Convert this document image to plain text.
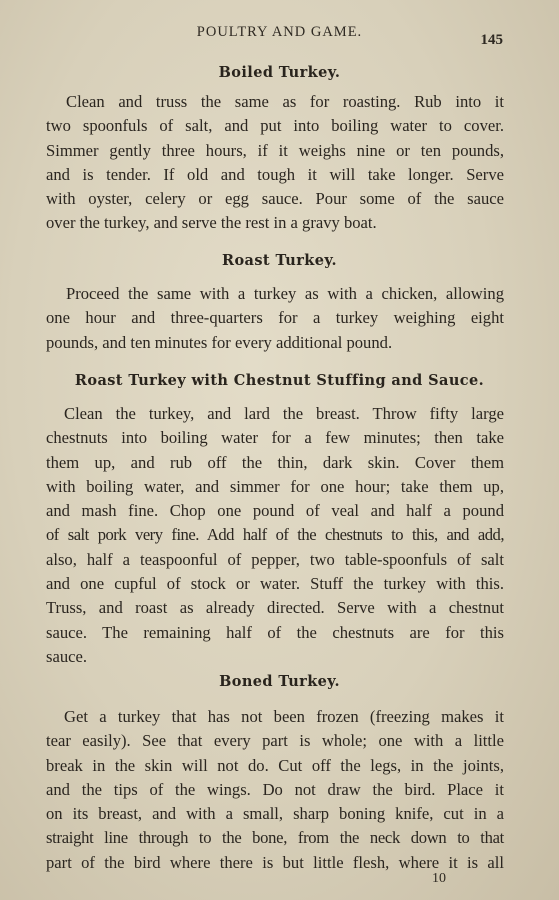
POULTRY AND GAME.	145
Boiled Turkey.
Clean and truss the same as for roasting. Rub into it
two spoonfuls of salt, and put into boiling water to cover.
Simmer gently three hours, if it weighs nine or ten pounds,
and is tender. If old and tough it will take longer. Serve
with oyster, celery or egg sauce. Pour some of the sauce
over the turkey, and serve the rest in a gravy boat.
Roast Turkey.
Proceed the same with a turkey as with a chicken, allowing
one hour and three-quarters for a turkey weighing eight
pounds, and ten minutes for every additional pound.
Roast Turkey with Chestnut Stuffing and Sauce.
Clean the turkey, and lard the breast. Throw fifty large
chestnuts into boiling water for a few minutes; then take
them up, and rub off the thin, dark skin. Cover them
with boiling water, and simmer for one hour; take them up,
and mash fine. Chop one pound of veal and half a pound
of salt pork very fine. Add half of the chestnuts to this, and add,
also, half a teaspoonful of pepper, two table-spoonfuls of salt
and one cupful of stock or water. Stuff the turkey with this.
Truss, and roast as already directed. Serve with a chestnut
sauce. The remaining half of the chestnuts are for this
sauce.
Boned Turkey.
Get a turkey that has not been frozen (freezing makes it
tear easily). See that every part is whole; one with a little
break in the skin will not do. Cut off the legs, in the joints,
and the tips of the wings. Do not draw the bird. Place it
on its breast, and with a small, sharp boning knife, cut in a
straight line through to the bone, from the neck down to that
part of the bird where there is but little flesh, where it is all
10
